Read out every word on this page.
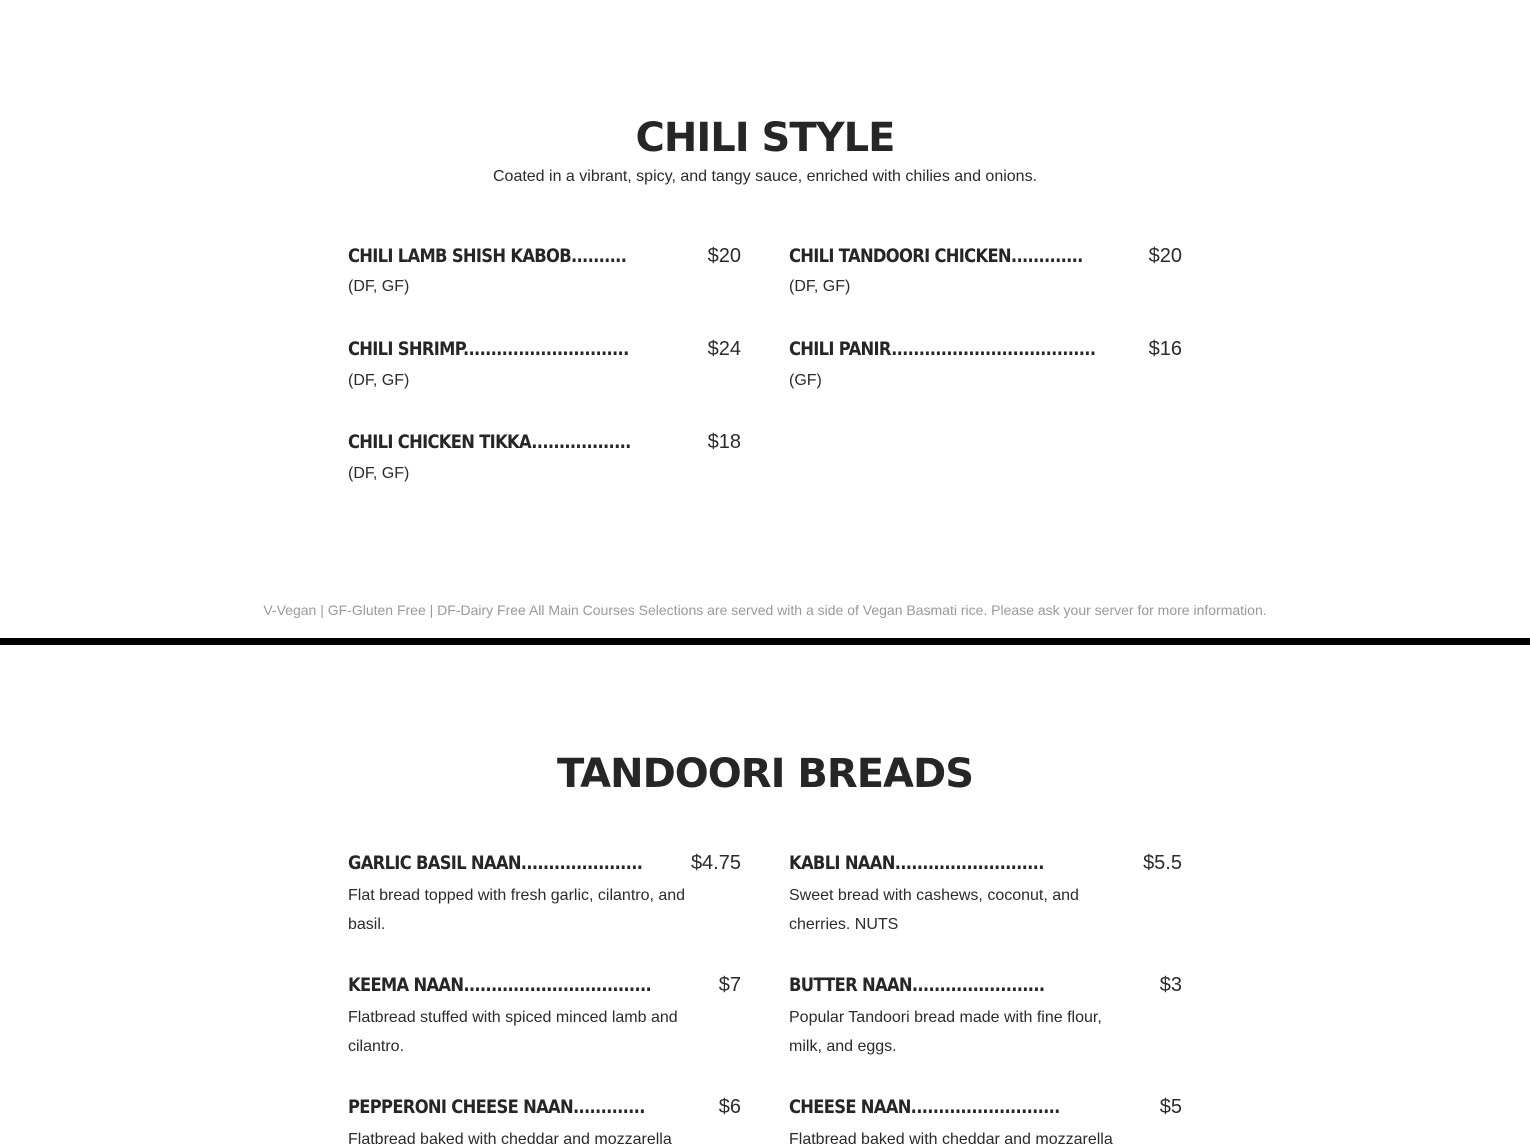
CHILI STYLE

Coated in a vibrant, spicy, and tangy sauce, enriched with chilies and onions.

CHILI LAMB SHISH KABOB..........	$20

(DF, GF)

CHILI TANDOORI CHICKEN.............	$20

(DF, GF)

CHILI SHRIMP..............................	$24

(DF, GF)

CHILI PANIR.....................................	$16

(GF)

CHILI CHICKEN TIKKA..................	$18

(DF, GF)

V-Vegan | GF-Gluten Free | DF-Dairy Free All Main Courses Selections are served with a side of Vegan Basmati rice. Please ask your server for more information.
TANDOORI BREADS
GARLIC BASIL NAAN...................... $4.75

Flat bread topped with fresh garlic, cilantro, and basil.

KABLI NAAN...........................	$5.5

Sweet bread with cashews, coconut, and cherries. NUTS

KEEMA NAAN..................................	$7

Flatbread stuffed with spiced minced lamb and cilantro.

BUTTER NAAN........................	$3

Popular Tandoori bread made with fine flour, milk, and eggs.

PEPPERONI CHEESE NAAN.............	$6

Flatbread baked with cheddar and mozzarella

CHEESE NAAN...........................	$5

Flatbread baked with cheddar and mozzarella
